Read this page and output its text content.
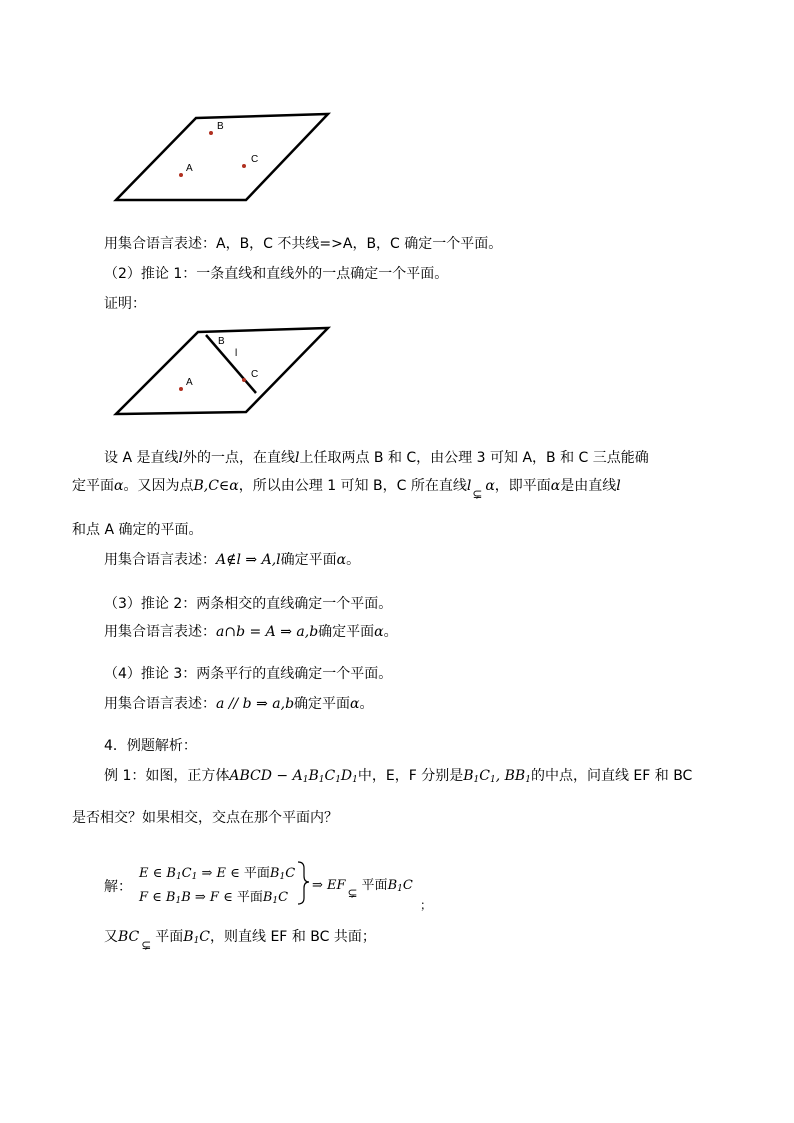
B
A
C
用集合语言表述：A，B，C 不共线=>A，B，C 确定一个平面。
（2）推论 1：一条直线和直线外的一点确定一个平面。
证明：
B
l
A
C
设 A 是直线l外的一点，在直线l上任取两点 B 和 C，由公理 3 可知 A，B 和 C 三点能确
定平面α。又因为点B,C∈α，所以由公理 1 可知 B，C 所在直线l ⊊ α，即平面α是由直线l
和点 A 确定的平面。
用集合语言表述：A∉l ⇒ A,l确定平面α。
（3）推论 2：两条相交的直线确定一个平面。
用集合语言表述：a∩b = A ⇒ a,b确定平面α。
（4）推论 3：两条平行的直线确定一个平面。
用集合语言表述：a // b ⇒ a,b确定平面α。
4．例题解析：
例 1：如图，正方体ABCD − $A_1B_1C_1D_1$中，E，F 分别是$B_1C_1$, $BB_1$的中点，问直线 EF 和 BC
是否相交？如果相交，交点在那个平面内？
解：
E ∈ $B_1C_1$ ⇒ E ∈ 平面$B_1C$
F ∈ $B_1B$ ⇒ F ∈ 平面$B_1C$
⇒ EF ⊊ 平面$B_1C$
；
又BC ⊊ 平面$B_1C$，则直线 EF 和 BC 共面；
